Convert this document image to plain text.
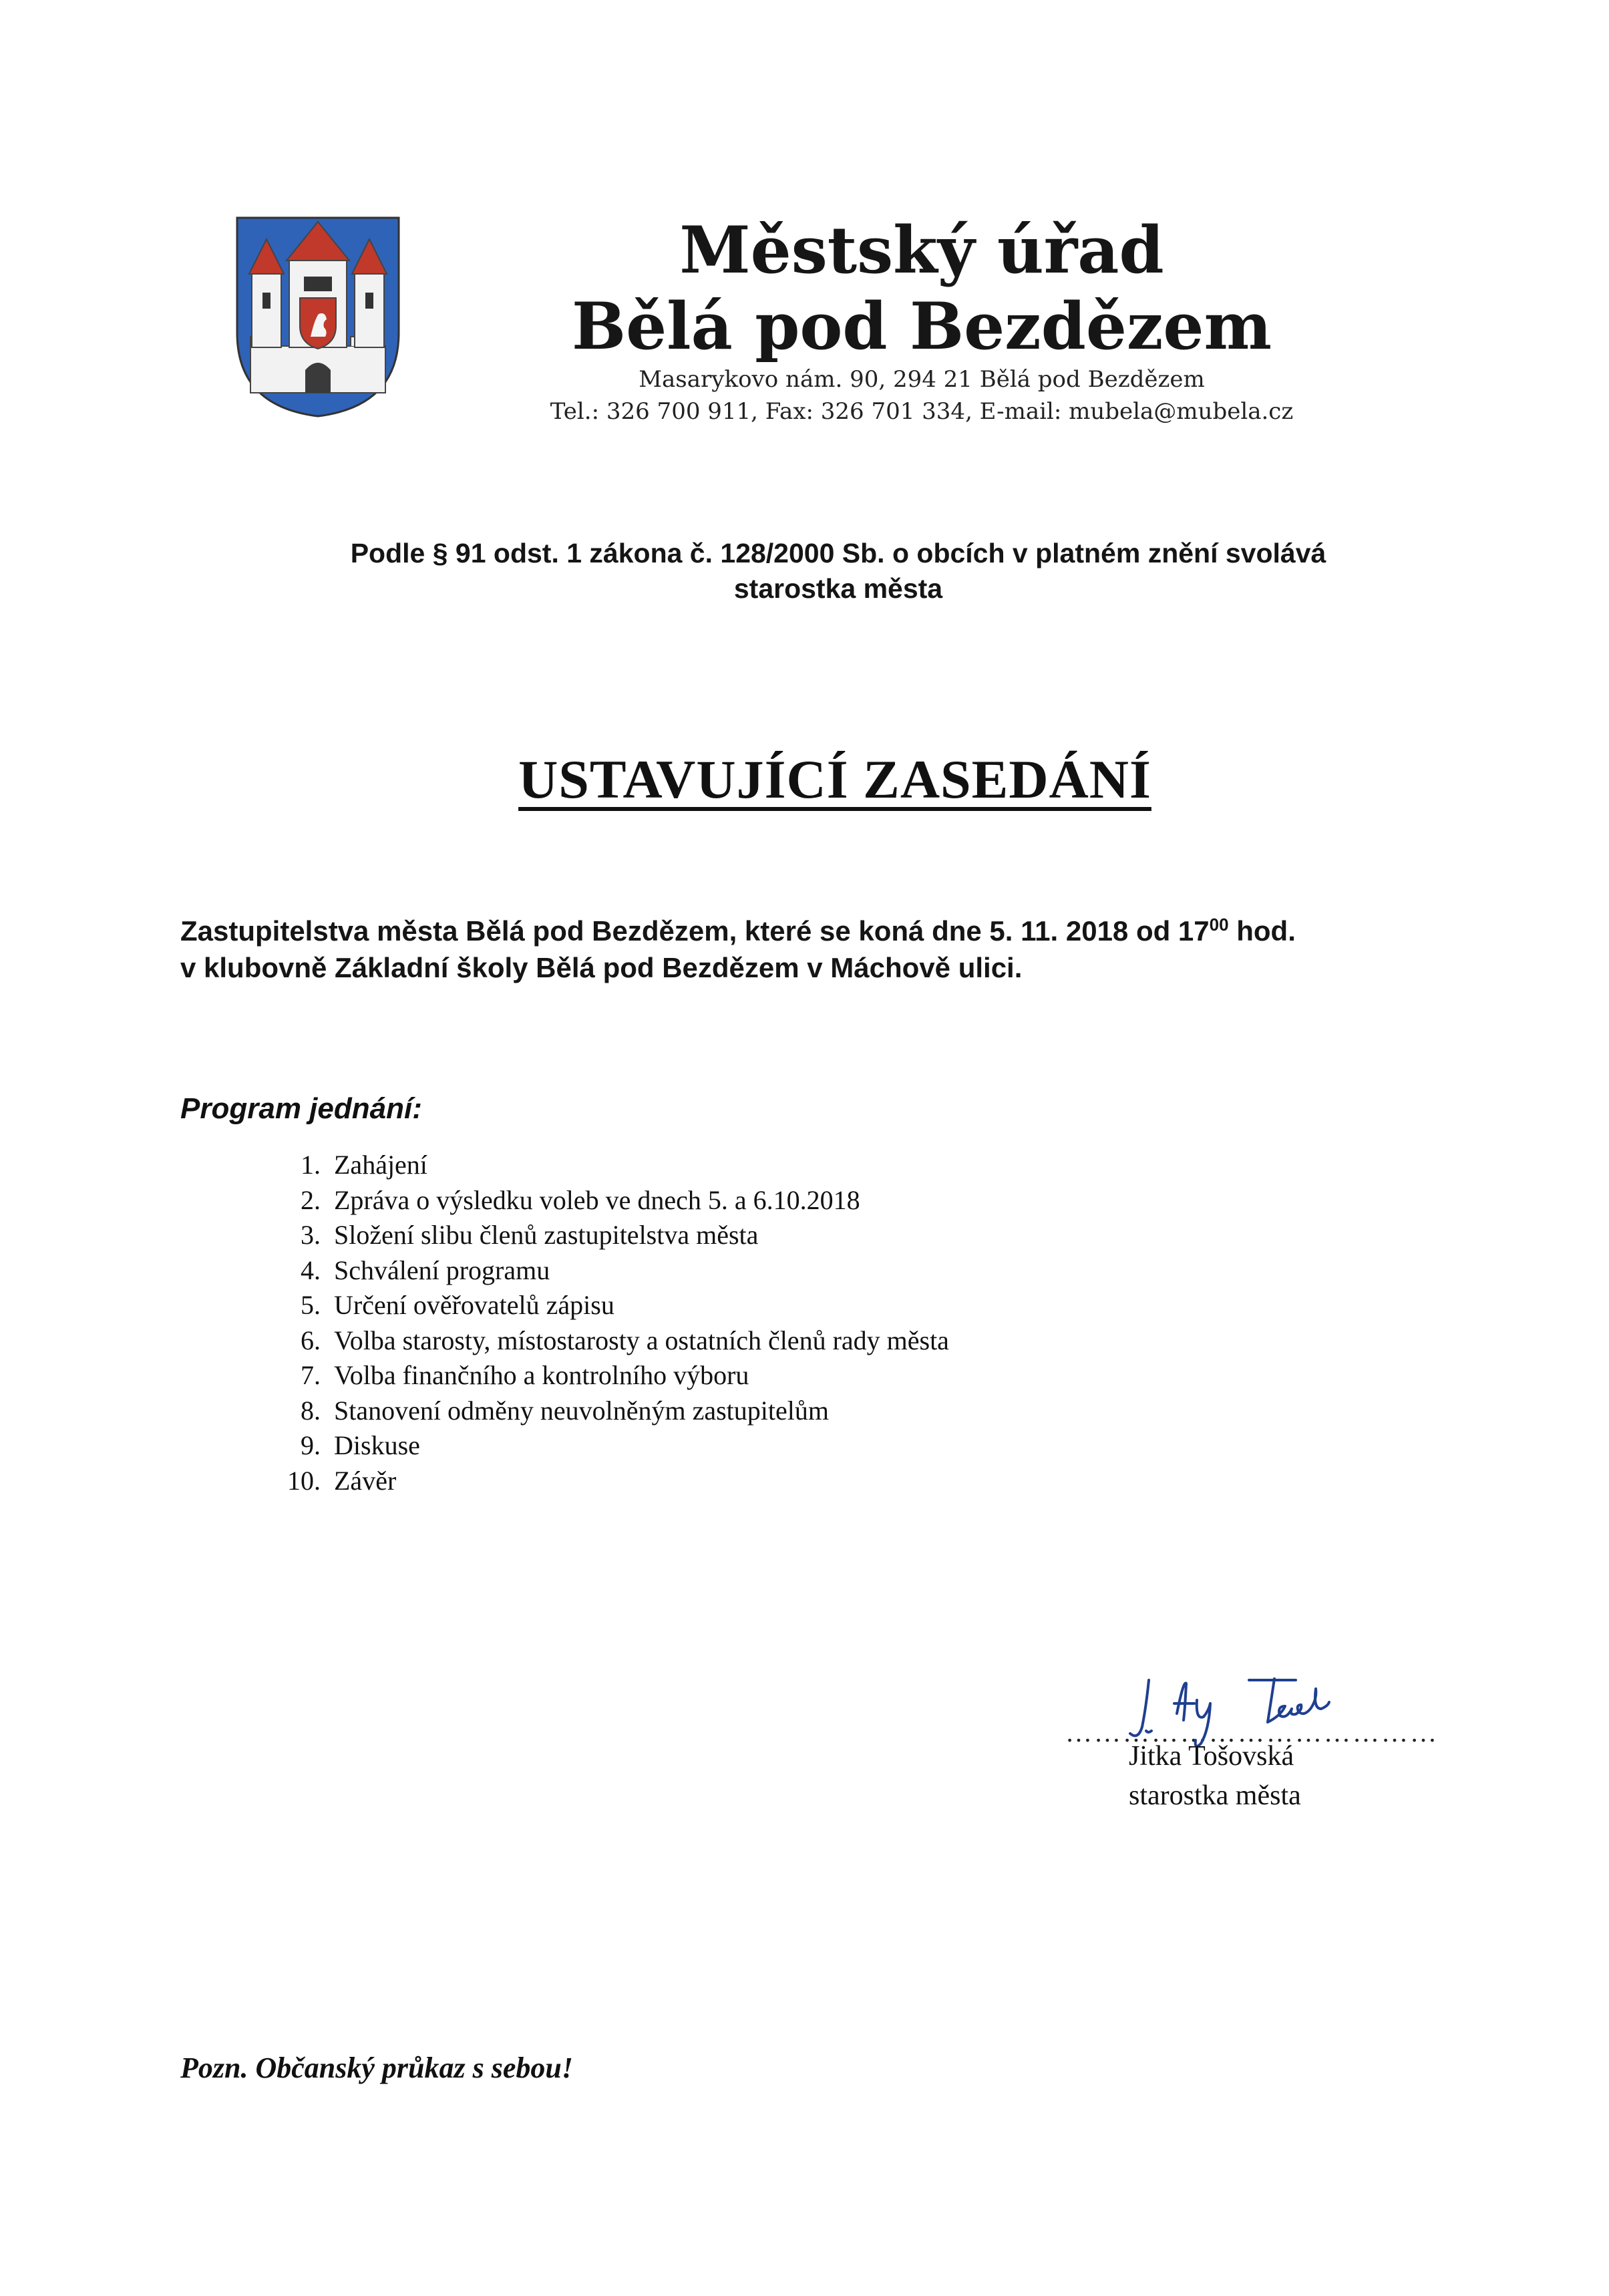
Městský úřad
Bělá pod Bezdězem
Masarykovo nám. 90, 294 21 Bělá pod Bezdězem
Tel.: 326 700 911, Fax: 326 701 334, E-mail: mubela@mubela.cz
Podle § 91 odst. 1 zákona č. 128/2000 Sb. o obcích v platném znění svolává
starostka města
USTAVUJÍCÍ ZASEDÁNÍ
Zastupitelstva města Bělá pod Bezdězem, které se koná dne 5. 11. 2018 od $17^{00}$ hod.
v klubovně Základní školy Bělá pod Bezdězem v Máchově ulici.
Program jednání:
1. Zahájení
2. Zpráva o výsledku voleb ve dnech 5. a 6.10.2018
3. Složení slibu členů zastupitelstva města
4. Schválení programu
5. Určení ověřovatelů zápisu
6. Volba starosty, místostarosty a ostatních členů rady města
7. Volba finančního a kontrolního výboru
8. Stanovení odměny neuvolněným zastupitelům
9. Diskuse
10. Závěr
…………………………………
Jitka Tošovská
starostka města
Pozn. Občanský průkaz s sebou!
